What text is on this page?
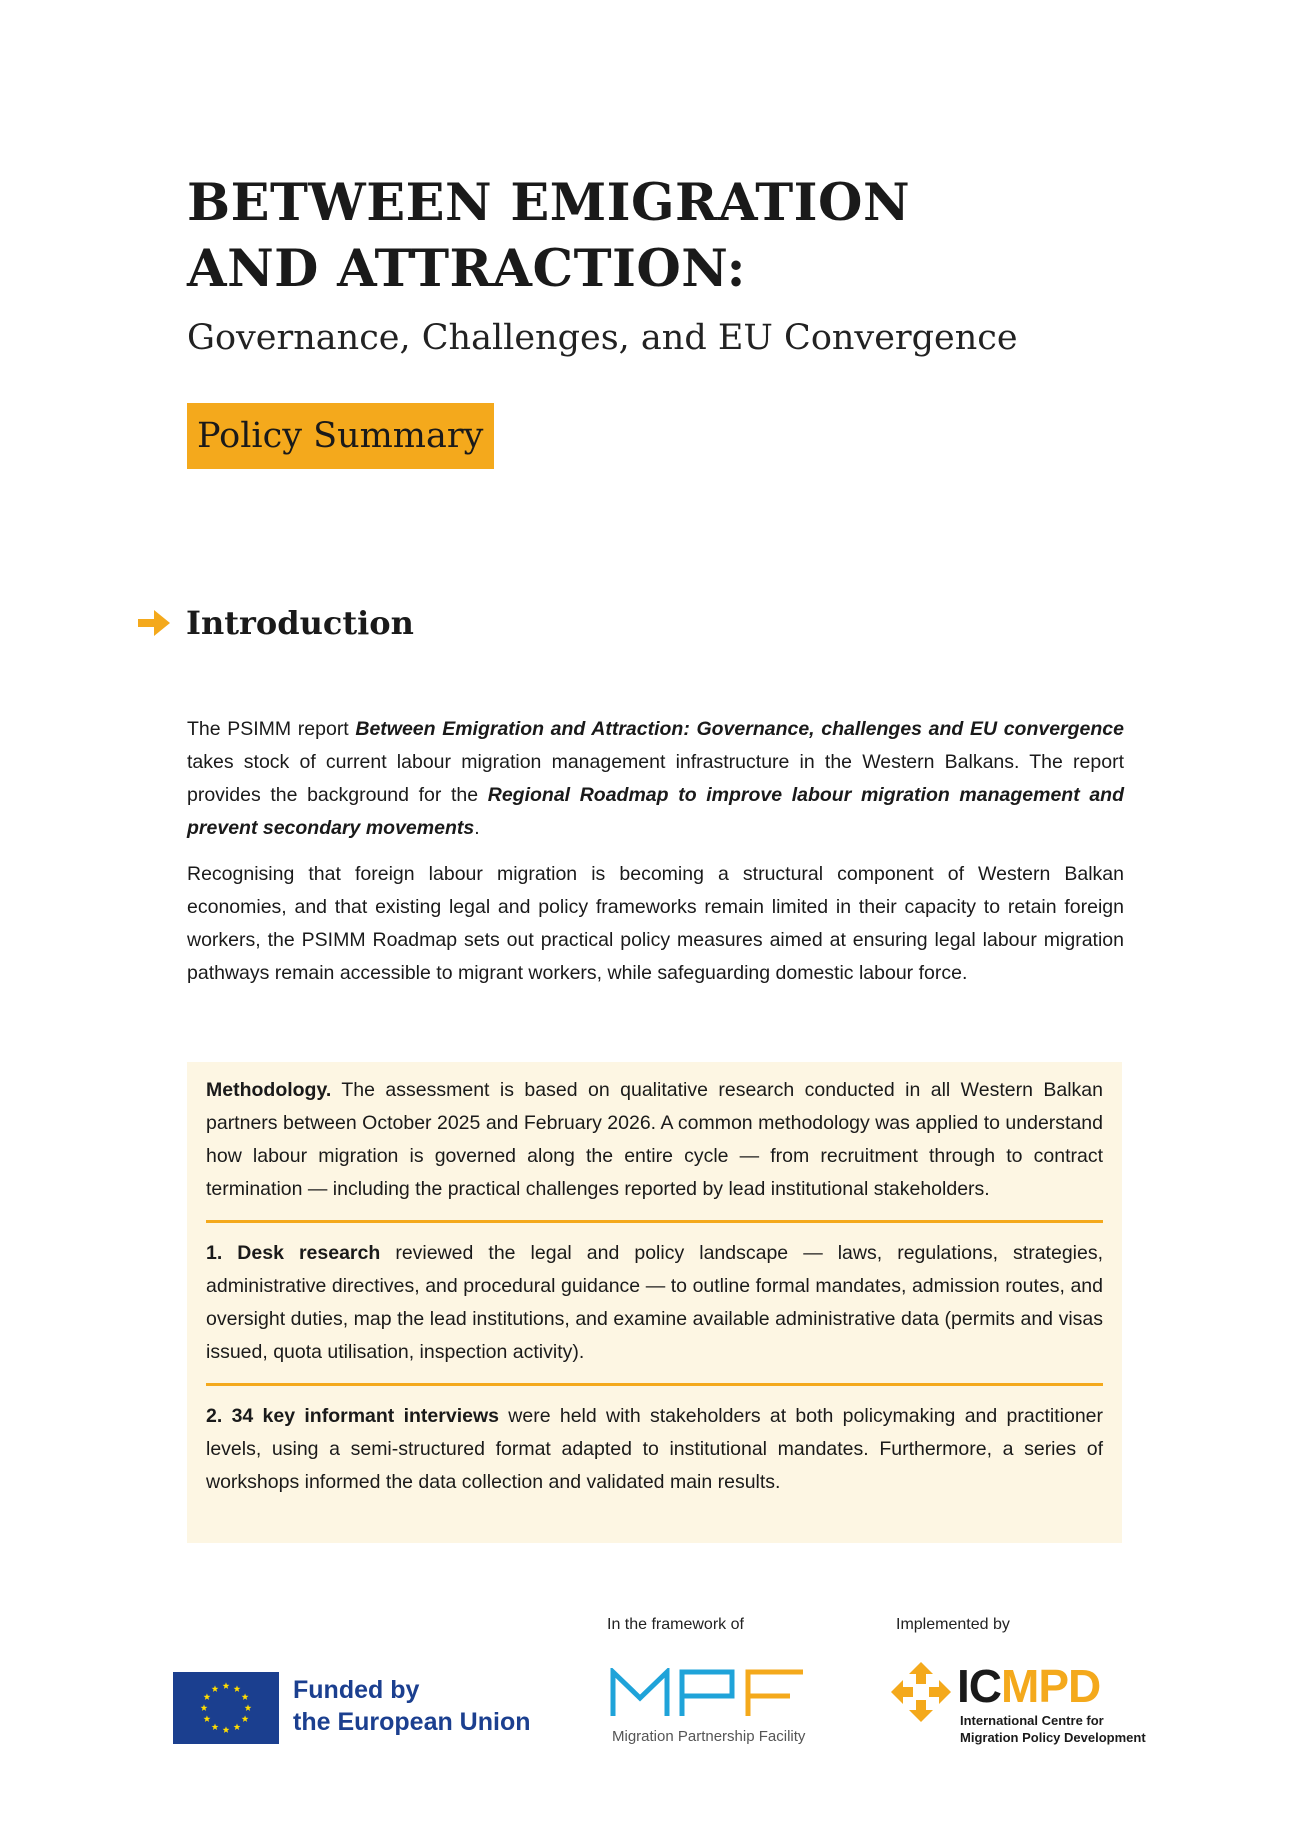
BETWEEN EMIGRATION
AND ATTRACTION:
Governance, Challenges, and EU Convergence
Policy Summary
Introduction

The PSIMM report Between Emigration and Attraction: Governance, challenges and EU convergence takes stock of current labour migration management infrastructure in the Western Balkans. The report provides the background for the Regional Roadmap to improve labour migration management and prevent secondary movements.

Recognising that foreign labour migration is becoming a structural component of Western Balkan economies, and that existing legal and policy frameworks remain limited in their capacity to retain foreign workers, the PSIMM Roadmap sets out practical policy measures aimed at ensuring legal labour migration pathways remain accessible to migrant workers, while safeguarding domestic labour force.

Methodology. The assessment is based on qualitative research conducted in all Western Balkan partners between October 2025 and February 2026. A common methodology was applied to understand how labour migration is governed along the entire cycle — from recruitment through to contract termination — including the practical challenges reported by lead institutional stakeholders.

1. Desk research reviewed the legal and policy landscape — laws, regulations, strategies, administrative directives, and procedural guidance — to outline formal mandates, admission routes, and oversight duties, map the lead institutions, and examine available administrative data (permits and visas issued, quota utilisation, inspection activity).

2. 34 key informant interviews were held with stakeholders at both policymaking and practitioner levels, using a semi-structured format adapted to institutional mandates. Furthermore, a series of workshops informed the data collection and validated main results.

In the framework of	Implemented by
Funded by
the European Union
Migration Partnership Facility
ICMPD
International Centre for
Migration Policy Development
